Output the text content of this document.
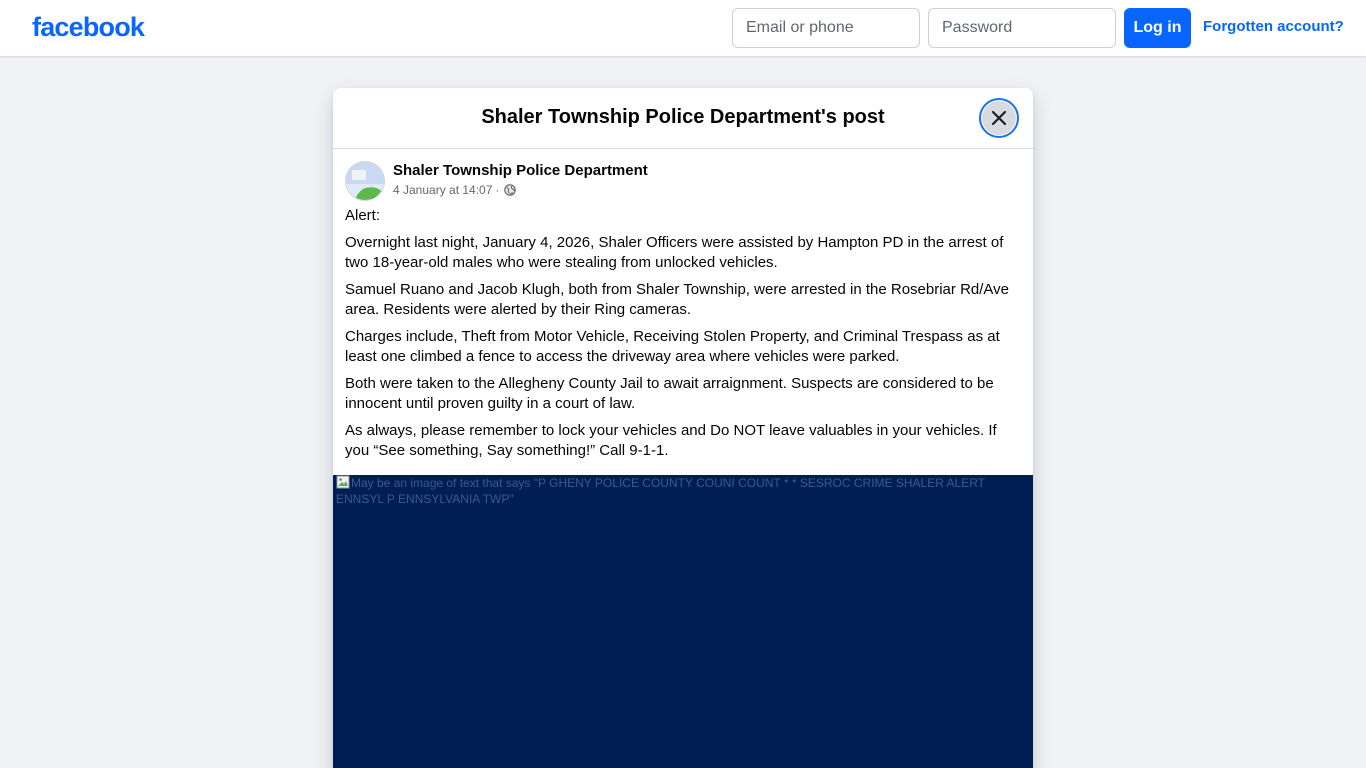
facebook
Email or phone	Log in	Forgotten account?
Shaler Township Police Department's post
Shaler Township Police Department
4 January at 14:07 ·

Alert:

Overnight last night, January 4, 2026, Shaler Officers were assisted by Hampton PD in the arrest of two 18-year-old males who were stealing from unlocked vehicles.

Samuel Ruano and Jacob Klugh, both from Shaler Township, were arrested in the Rosebriar Rd/Ave area. Residents were alerted by their Ring cameras.

Charges include, Theft from Motor Vehicle, Receiving Stolen Property, and Criminal Trespass as at least one climbed a fence to access the driveway area where vehicles were parked.

Both were taken to the Allegheny County Jail to await arraignment. Suspects are considered to be innocent until proven guilty in a court of law.

As always, please remember to lock your vehicles and Do NOT leave valuables in your vehicles. If you “See something, Say something!” Call 9-1-1.

May be an image of text that says "P GHENY POLICE COUNTY COUNI COUNT * * SESROC CRIME SHALER ALERT ENNSYL P ENNSYLVANIA TWP"
